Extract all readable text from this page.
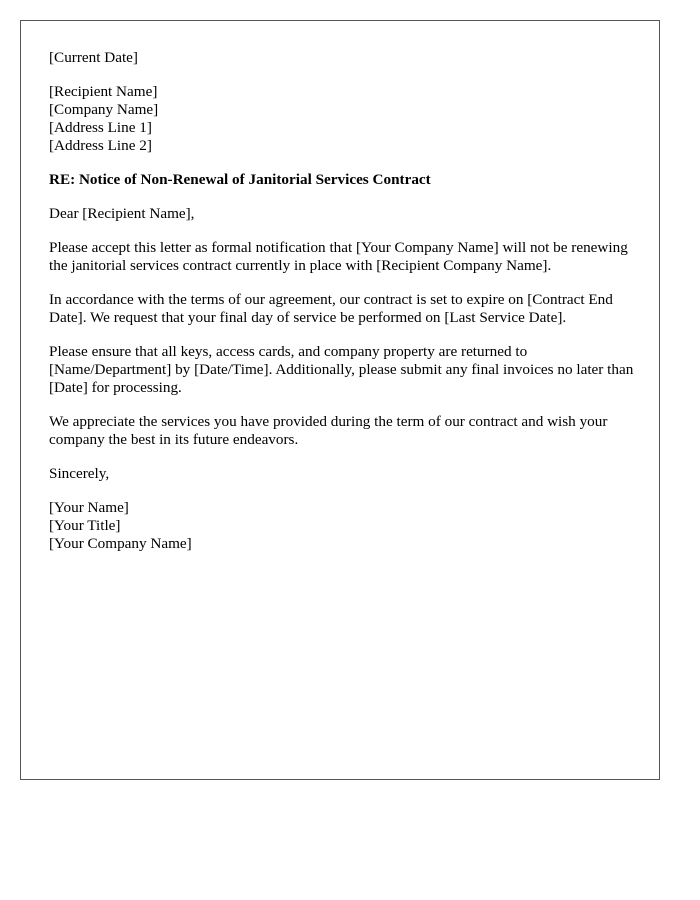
[Current Date]

[Recipient Name]
[Company Name]
[Address Line 1]
[Address Line 2]

RE: Notice of Non-Renewal of Janitorial Services Contract

Dear [Recipient Name],

Please accept this letter as formal notification that [Your Company Name] will not be renewing the janitorial services contract currently in place with [Recipient Company Name].

In accordance with the terms of our agreement, our contract is set to expire on [Contract End Date]. We request that your final day of service be performed on [Last Service Date].

Please ensure that all keys, access cards, and company property are returned to [Name/Department] by [Date/Time]. Additionally, please submit any final invoices no later than [Date] for processing.

We appreciate the services you have provided during the term of our contract and wish your company the best in its future endeavors.

Sincerely,

[Your Name]
[Your Title]
[Your Company Name]
